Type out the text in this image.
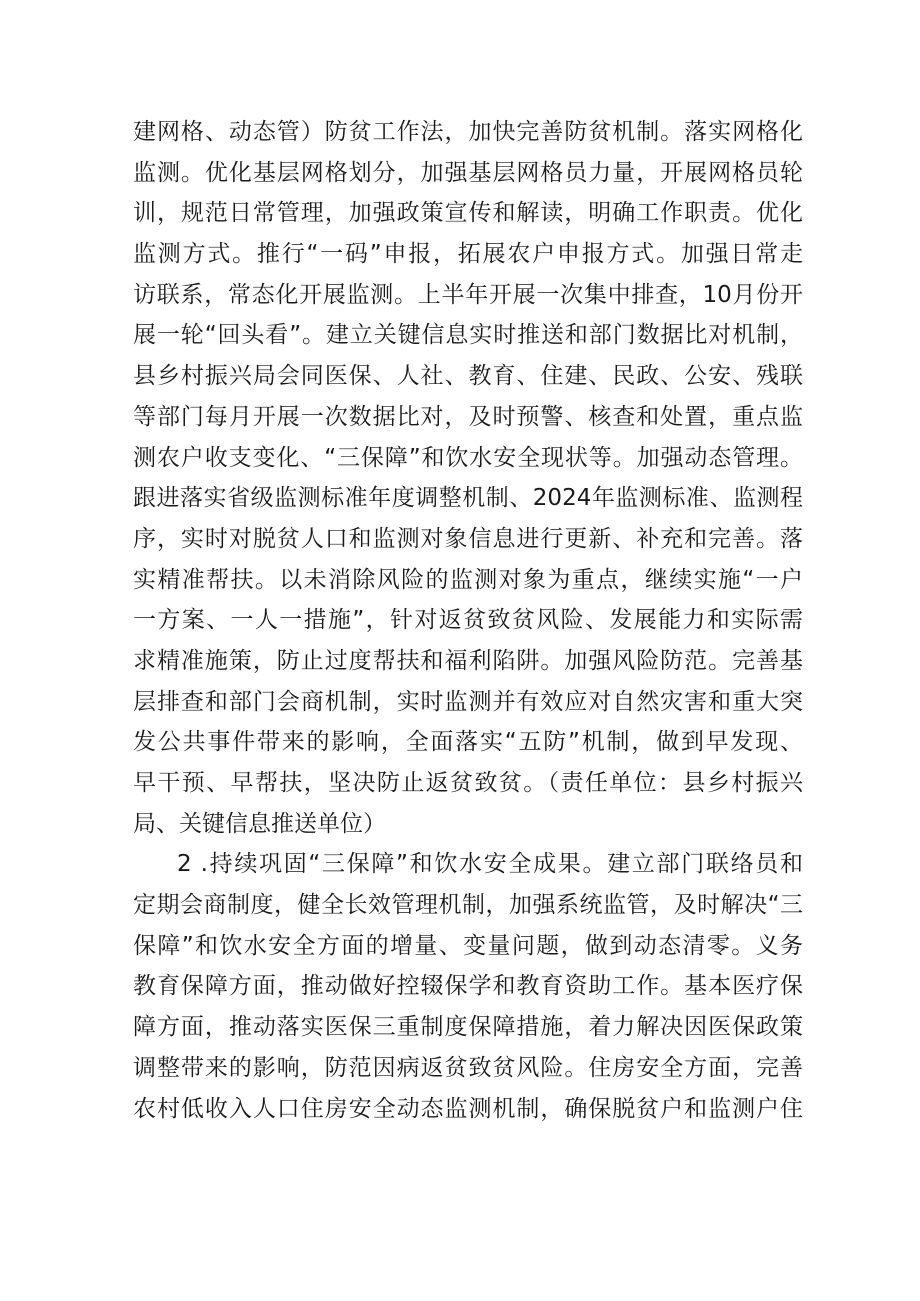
建网格、动态管）防贫工作法，加快完善防贫机制。落实网格化
监测。优化基层网格划分，加强基层网格员力量，开展网格员轮
训，规范日常管理，加强政策宣传和解读，明确工作职责。优化
监测方式。推行“一码”申报，拓展农户申报方式。加强日常走
访联系，常态化开展监测。上半年开展一次集中排查，10月份开
展一轮“回头看”。建立关键信息实时推送和部门数据比对机制，
县乡村振兴局会同医保、人社、教育、住建、民政、公安、残联
等部门每月开展一次数据比对，及时预警、核查和处置，重点监
测农户收支变化、“三保障”和饮水安全现状等。加强动态管理。
跟进落实省级监测标准年度调整机制、2024年监测标准、监测程
序，实时对脱贫人口和监测对象信息进行更新、补充和完善。落
实精准帮扶。以未消除风险的监测对象为重点，继续实施“一户
一方案、一人一措施”，针对返贫致贫风险、发展能力和实际需
求精准施策，防止过度帮扶和福利陷阱。加强风险防范。完善基
层排查和部门会商机制，实时监测并有效应对自然灾害和重大突
发公共事件带来的影响，全面落实“五防”机制，做到早发现、
早干预、早帮扶，坚决防止返贫致贫。（责任单位：县乡村振兴
局、关键信息推送单位）
2 .持续巩固“三保障”和饮水安全成果。建立部门联络员和
定期会商制度，健全长效管理机制，加强系统监管，及时解决“三
保障”和饮水安全方面的增量、变量问题，做到动态清零。义务
教育保障方面，推动做好控辍保学和教育资助工作。基本医疗保
障方面，推动落实医保三重制度保障措施，着力解决因医保政策
调整带来的影响，防范因病返贫致贫风险。住房安全方面，完善
农村低收入人口住房安全动态监测机制，确保脱贫户和监测户住
